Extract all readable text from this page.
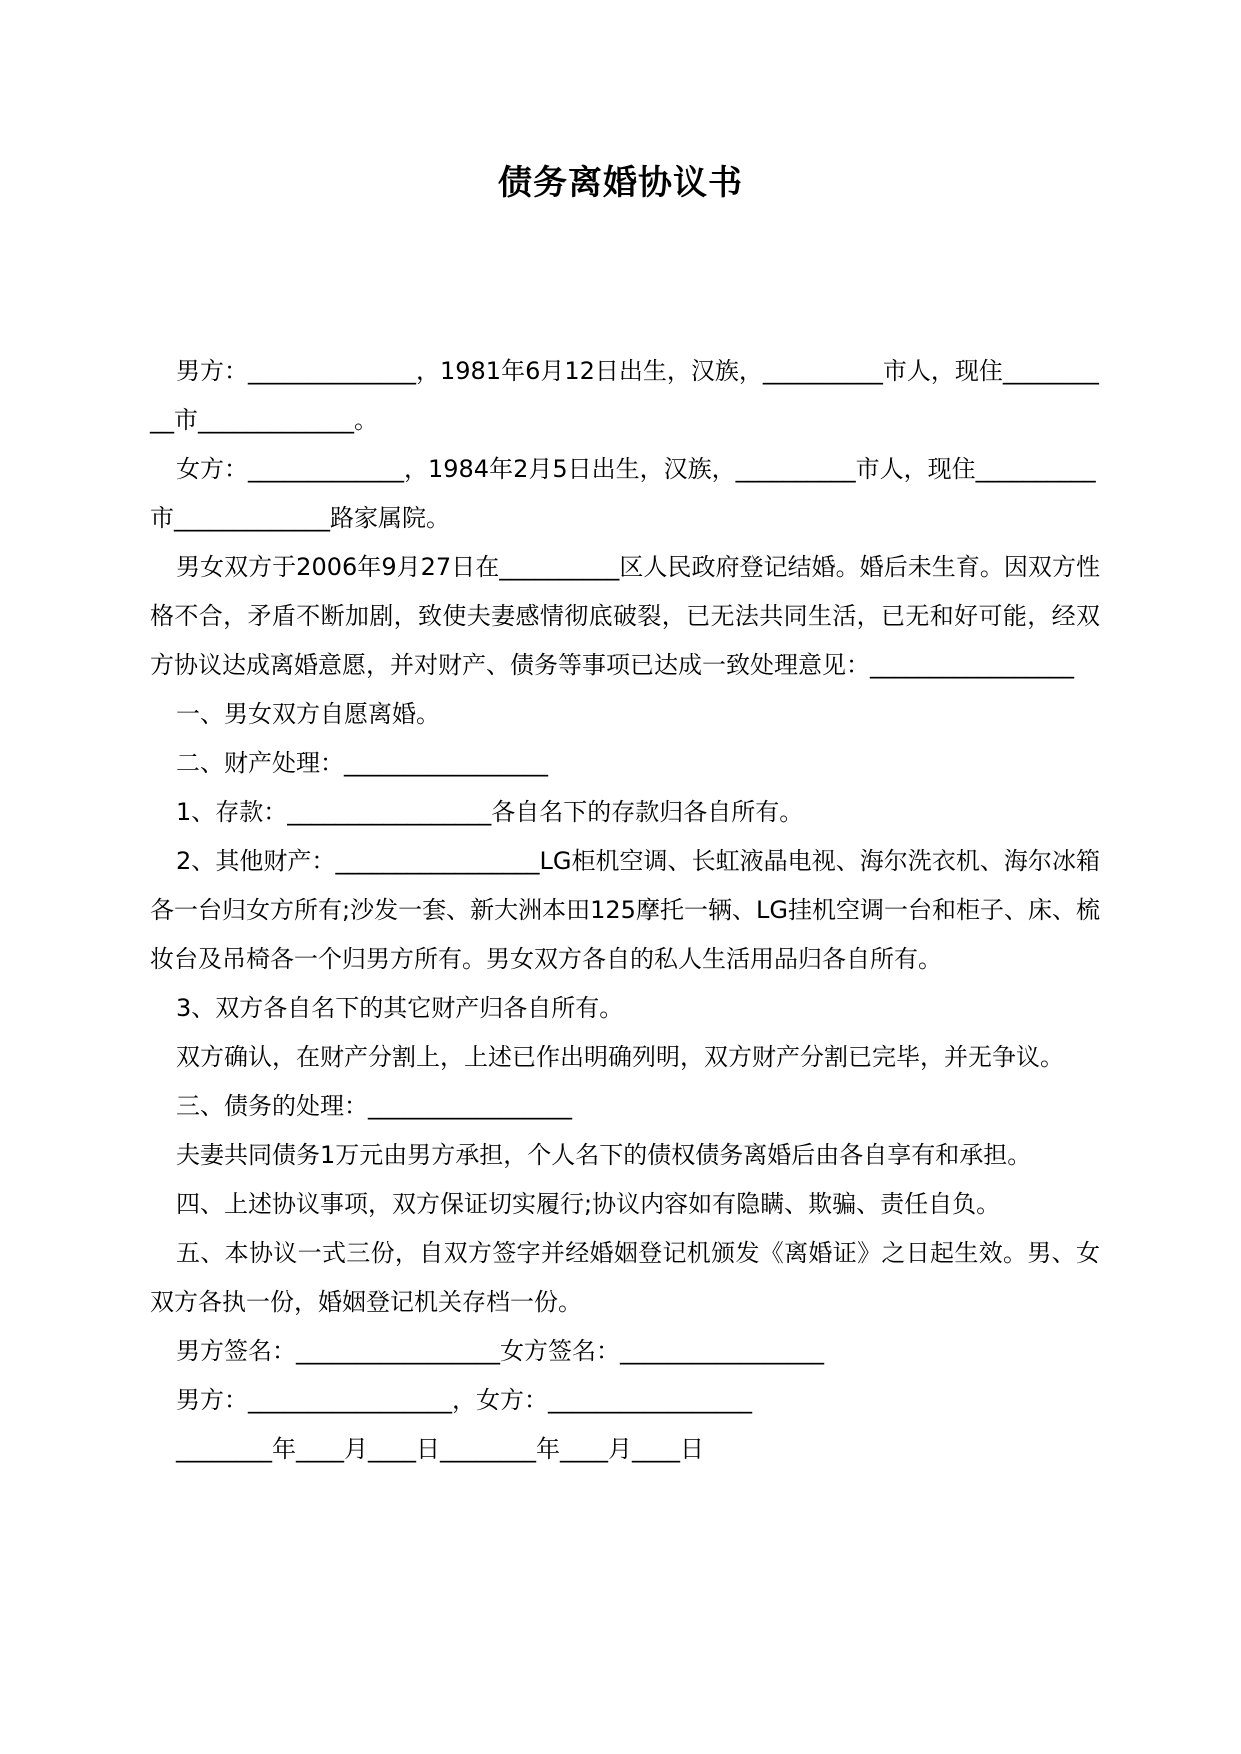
债务离婚协议书

男方：______________，1981年6月12日出生，汉族，__________市人，现住__________市_____________。

女方：_____________，1984年2月5日出生，汉族，__________市人，现住__________市_____________路家属院。

男女双方于2006年9月27日在__________区人民政府登记结婚。婚后未生育。因双方性格不合，矛盾不断加剧，致使夫妻感情彻底破裂，已无法共同生活，已无和好可能，经双方协议达成离婚意愿，并对财产、债务等事项已达成一致处理意见：_________________

一、男女双方自愿离婚。

二、财产处理：_________________

1、存款：_________________各自名下的存款归各自所有。

2、其他财产：_________________LG柜机空调、长虹液晶电视、海尔洗衣机、海尔冰箱各一台归女方所有;沙发一套、新大洲本田125摩托一辆、LG挂机空调一台和柜子、床、梳妆台及吊椅各一个归男方所有。男女双方各自的私人生活用品归各自所有。

3、双方各自名下的其它财产归各自所有。

双方确认，在财产分割上，上述已作出明确列明，双方财产分割已完毕，并无争议。

三、债务的处理：_________________

夫妻共同债务1万元由男方承担，个人名下的债权债务离婚后由各自享有和承担。

四、上述协议事项，双方保证切实履行;协议内容如有隐瞒、欺骗、责任自负。

五、本协议一式三份，自双方签字并经婚姻登记机颁发《离婚证》之日起生效。男、女双方各执一份，婚姻登记机关存档一份。

男方签名：_________________女方签名：_________________

男方：_________________，女方：_________________

________年____月____日________年____月____日
